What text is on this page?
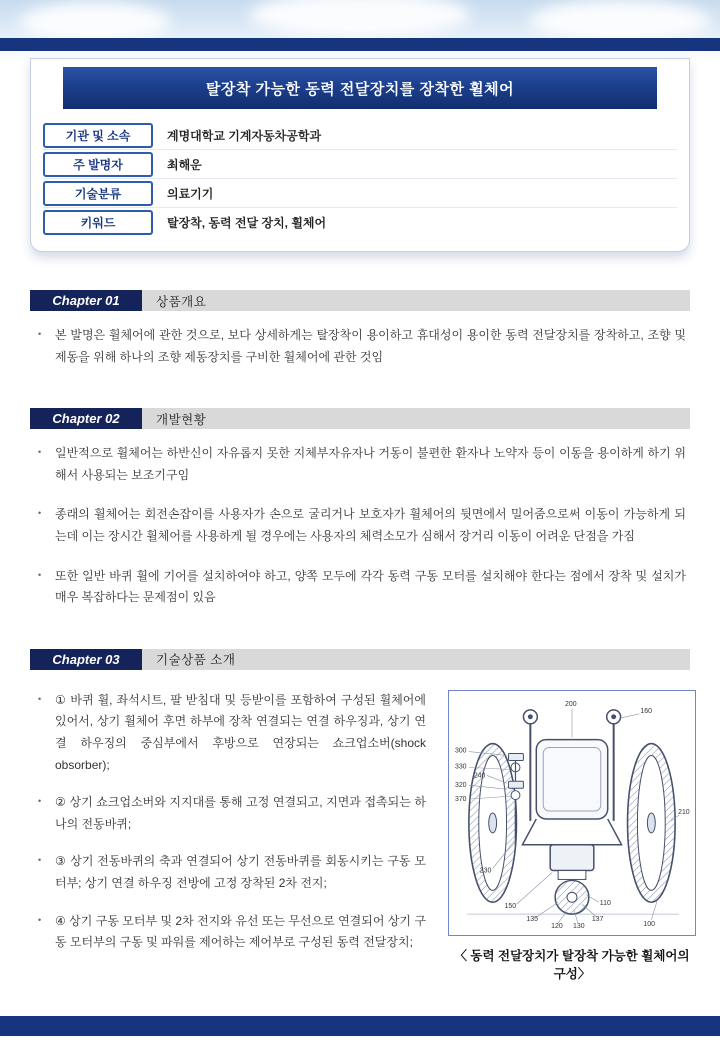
탈장착 가능한 동력 전달장치를 장착한 휠체어
기관 및 소속	계명대학교 기계자동차공학과
주 발명자	최해운
기술분류	의료기기
키워드	탈장착, 동력 전달 장치, 휠체어
Chapter 01	상품개요
•	본 발명은 휠체어에 관한 것으로, 보다 상세하게는 탈장착이 용이하고 휴대성이 용이한 동력 전달장치를 장착하고, 조향 및 제동을 위해 하나의 조향 제동장치를 구비한 휠체어에 관한 것임
Chapter 02	개발현황
•	일반적으로 휠체어는 하반신이 자유롭지 못한 지체부자유자나 거동이 불편한 환자나 노약자 등이 이동을 용이하게 하기 위해서 사용되는 보조기구임
•	종래의 휠체어는 회전손잡이를 사용자가 손으로 굴리거나 보호자가 휠체어의 뒷면에서 밀어줌으로써 이동이 가능하게 되는데 이는 장시간 휠체어를 사용하게 될 경우에는 사용자의 체력소모가 심해서 장거리 이동이 어려운 단점을 가짐
•	또한 일반 바퀴 휠에 기어를 설치하여야 하고, 양쪽 모두에 각각 동력 구동 모터를 설치해야 한다는 점에서 장착 및 설치가 매우 복잡하다는 문제점이 있음
Chapter 03	기술상품 소개
•	① 바퀴 휠, 좌석시트, 팔 받침대 및 등받이를 포함하여 구성된 휠체어에 있어서, 상기 휠체어 후면 하부에 장착 연결되는 연결 하우징과, 상기 연결 하우징의 중심부에서 후방으로 연장되는 쇼크업소버(shock obsorber);
•	② 상기 쇼크업소버와 지지대를 통해 고정 연결되고, 지면과 접촉되는 하나의 전동바퀴;
•	③ 상기 전동바퀴의 축과 연결되어 상기 전동바퀴를 회동시키는 구동 모터부; 상기 연결 하우징 전방에 고정 장착된 2차 전지;
•	④ 상기 구동 모터부 및 2차 전지와 유선 또는 무선으로 연결되어 상기 구동 모터부의 구동 및 파워를 제어하는 제어부로 구성된 동력 전달장치;
200
160
300
330
240
320
370
230
210
150	110
120 130
135	137
100
〈 동력 전달장치가 탈장착 가능한 휠체어의 구성〉
